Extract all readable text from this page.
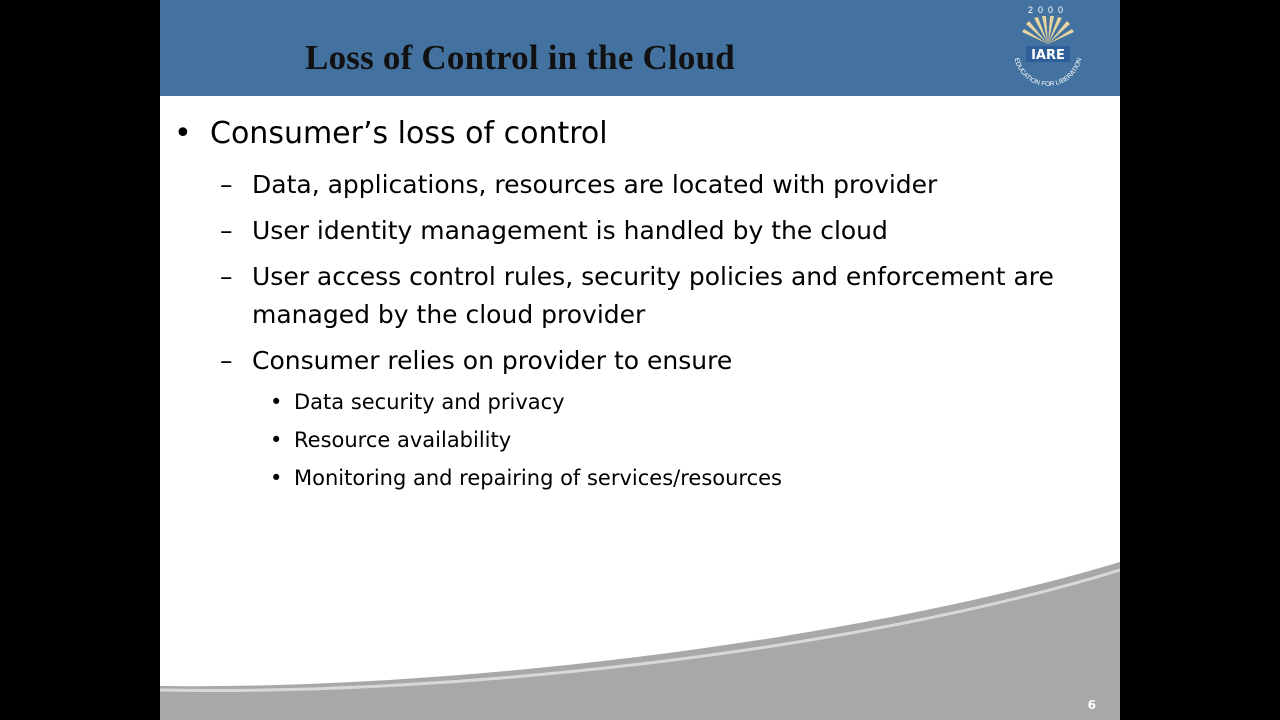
Loss of Control in the Cloud
2000
IARE
EDUCATION FOR LIBERATION
• Consumer’s loss of control

– Data, applications, resources are located with provider

– User identity management is handled by the cloud

– User access control rules, security policies and enforcement are

managed by the cloud provider

– Consumer relies on provider to ensure

• Data security and privacy

• Resource availability

• Monitoring and repairing of services/resources

6
